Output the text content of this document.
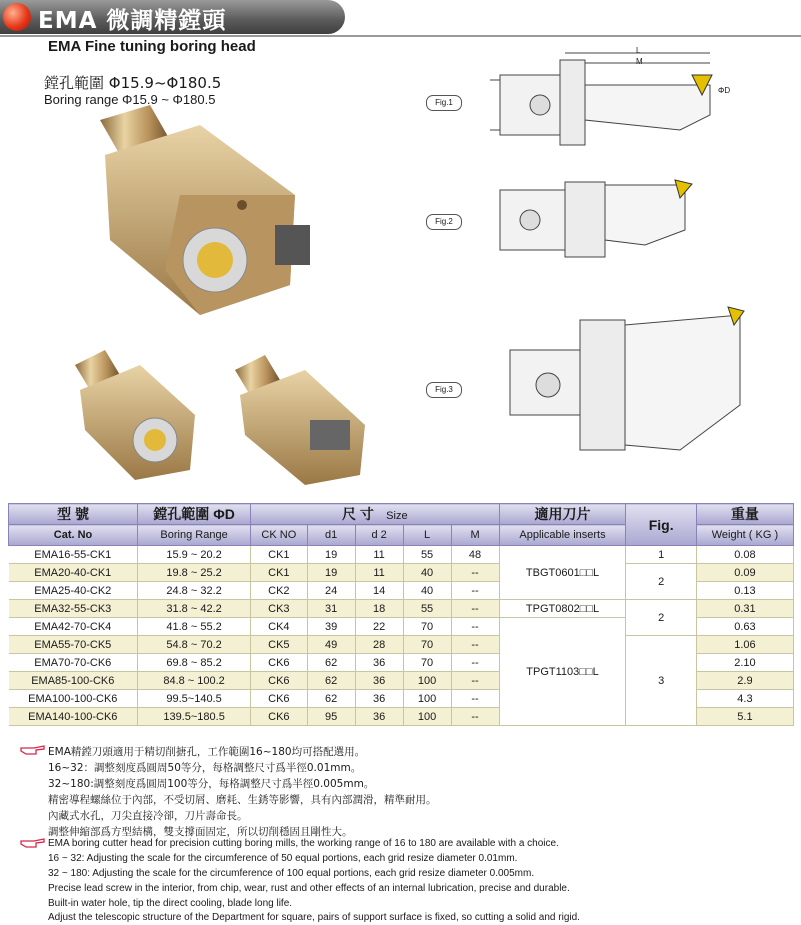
EMA 微調精鏜頭
EMA Fine tuning boring head
鏜孔範圍 Φ15.9~Φ180.5
Boring range Φ15.9 ~ Φ180.5	Fig.1
L
M
ΦD
Fig.2
Fig.3
型 號	鏜孔範圍 ΦD	尺 寸 Size					適用刀片	Fig.	重量
Cat. No	Boring Range	CK NO	d1	d 2	L	M	Applicable inserts		Weight ( KG )
EMA16-55-CK1	15.9 ~ 20.2	CK1	19	11	55	48	TBGT0601□□L	1	0.08
EMA20-40-CK1	19.8 ~ 25.2	CK1	19	11	40	--		2	0.09
EMA25-40-CK2	24.8 ~ 32.2	CK2	24	14	40	--			0.13
EMA32-55-CK3	31.8 ~ 42.2	CK3	31	18	55	--	TPGT0802□□L	2	0.31
EMA42-70-CK4	41.8 ~ 55.2	CK4	39	22	70	--	TPGT1103□□L		0.63
EMA55-70-CK5	54.8 ~ 70.2	CK5	49	28	70	--		3	1.06
EMA70-70-CK6	69.8 ~ 85.2	CK6	62	36	70	--			2.10
EMA85-100-CK6	84.8 ~ 100.2	CK6	62	36	100	--			2.9
EMA100-100-CK6	99.5~140.5	CK6	62	36	100	--			4.3
EMA140-100-CK6	139.5~180.5	CK6	95	36	100	--			5.1
EMA精鏜刀頭適用于精切削搪孔，工作範圍16~180均可搭配選用。
16~32：調整刻度爲圓周50等分，每格調整尺寸爲半徑0.01mm。
32~180:調整刻度爲圓周100等分，每格調整尺寸爲半徑0.005mm。
精密導程螺絲位于內部，不受切屑、磨耗、生銹等影響，具有內部潤滑，精準耐用。
內藏式水孔，刀尖直接冷卻，刀片壽命長。
調整伸縮部爲方型結構，雙支撐面固定，所以切削穩固且剛性大。
EMA boring cutter head for precision cutting boring mills, the working range of 16 to 180 are available with a choice.
16 ~ 32: Adjusting the scale for the circumference of 50 equal portions, each grid resize diameter 0.01mm.
32 ~ 180: Adjusting the scale for the circumference of 100 equal portions, each grid resize diameter 0.005mm.
Precise lead screw in the interior, from chip, wear, rust and other effects of an internal lubrication, precise and durable.
Built-in water hole, tip the direct cooling, blade long life.
Adjust the telescopic structure of the Department for square, pairs of support surface is fixed, so cutting a solid and rigid.
